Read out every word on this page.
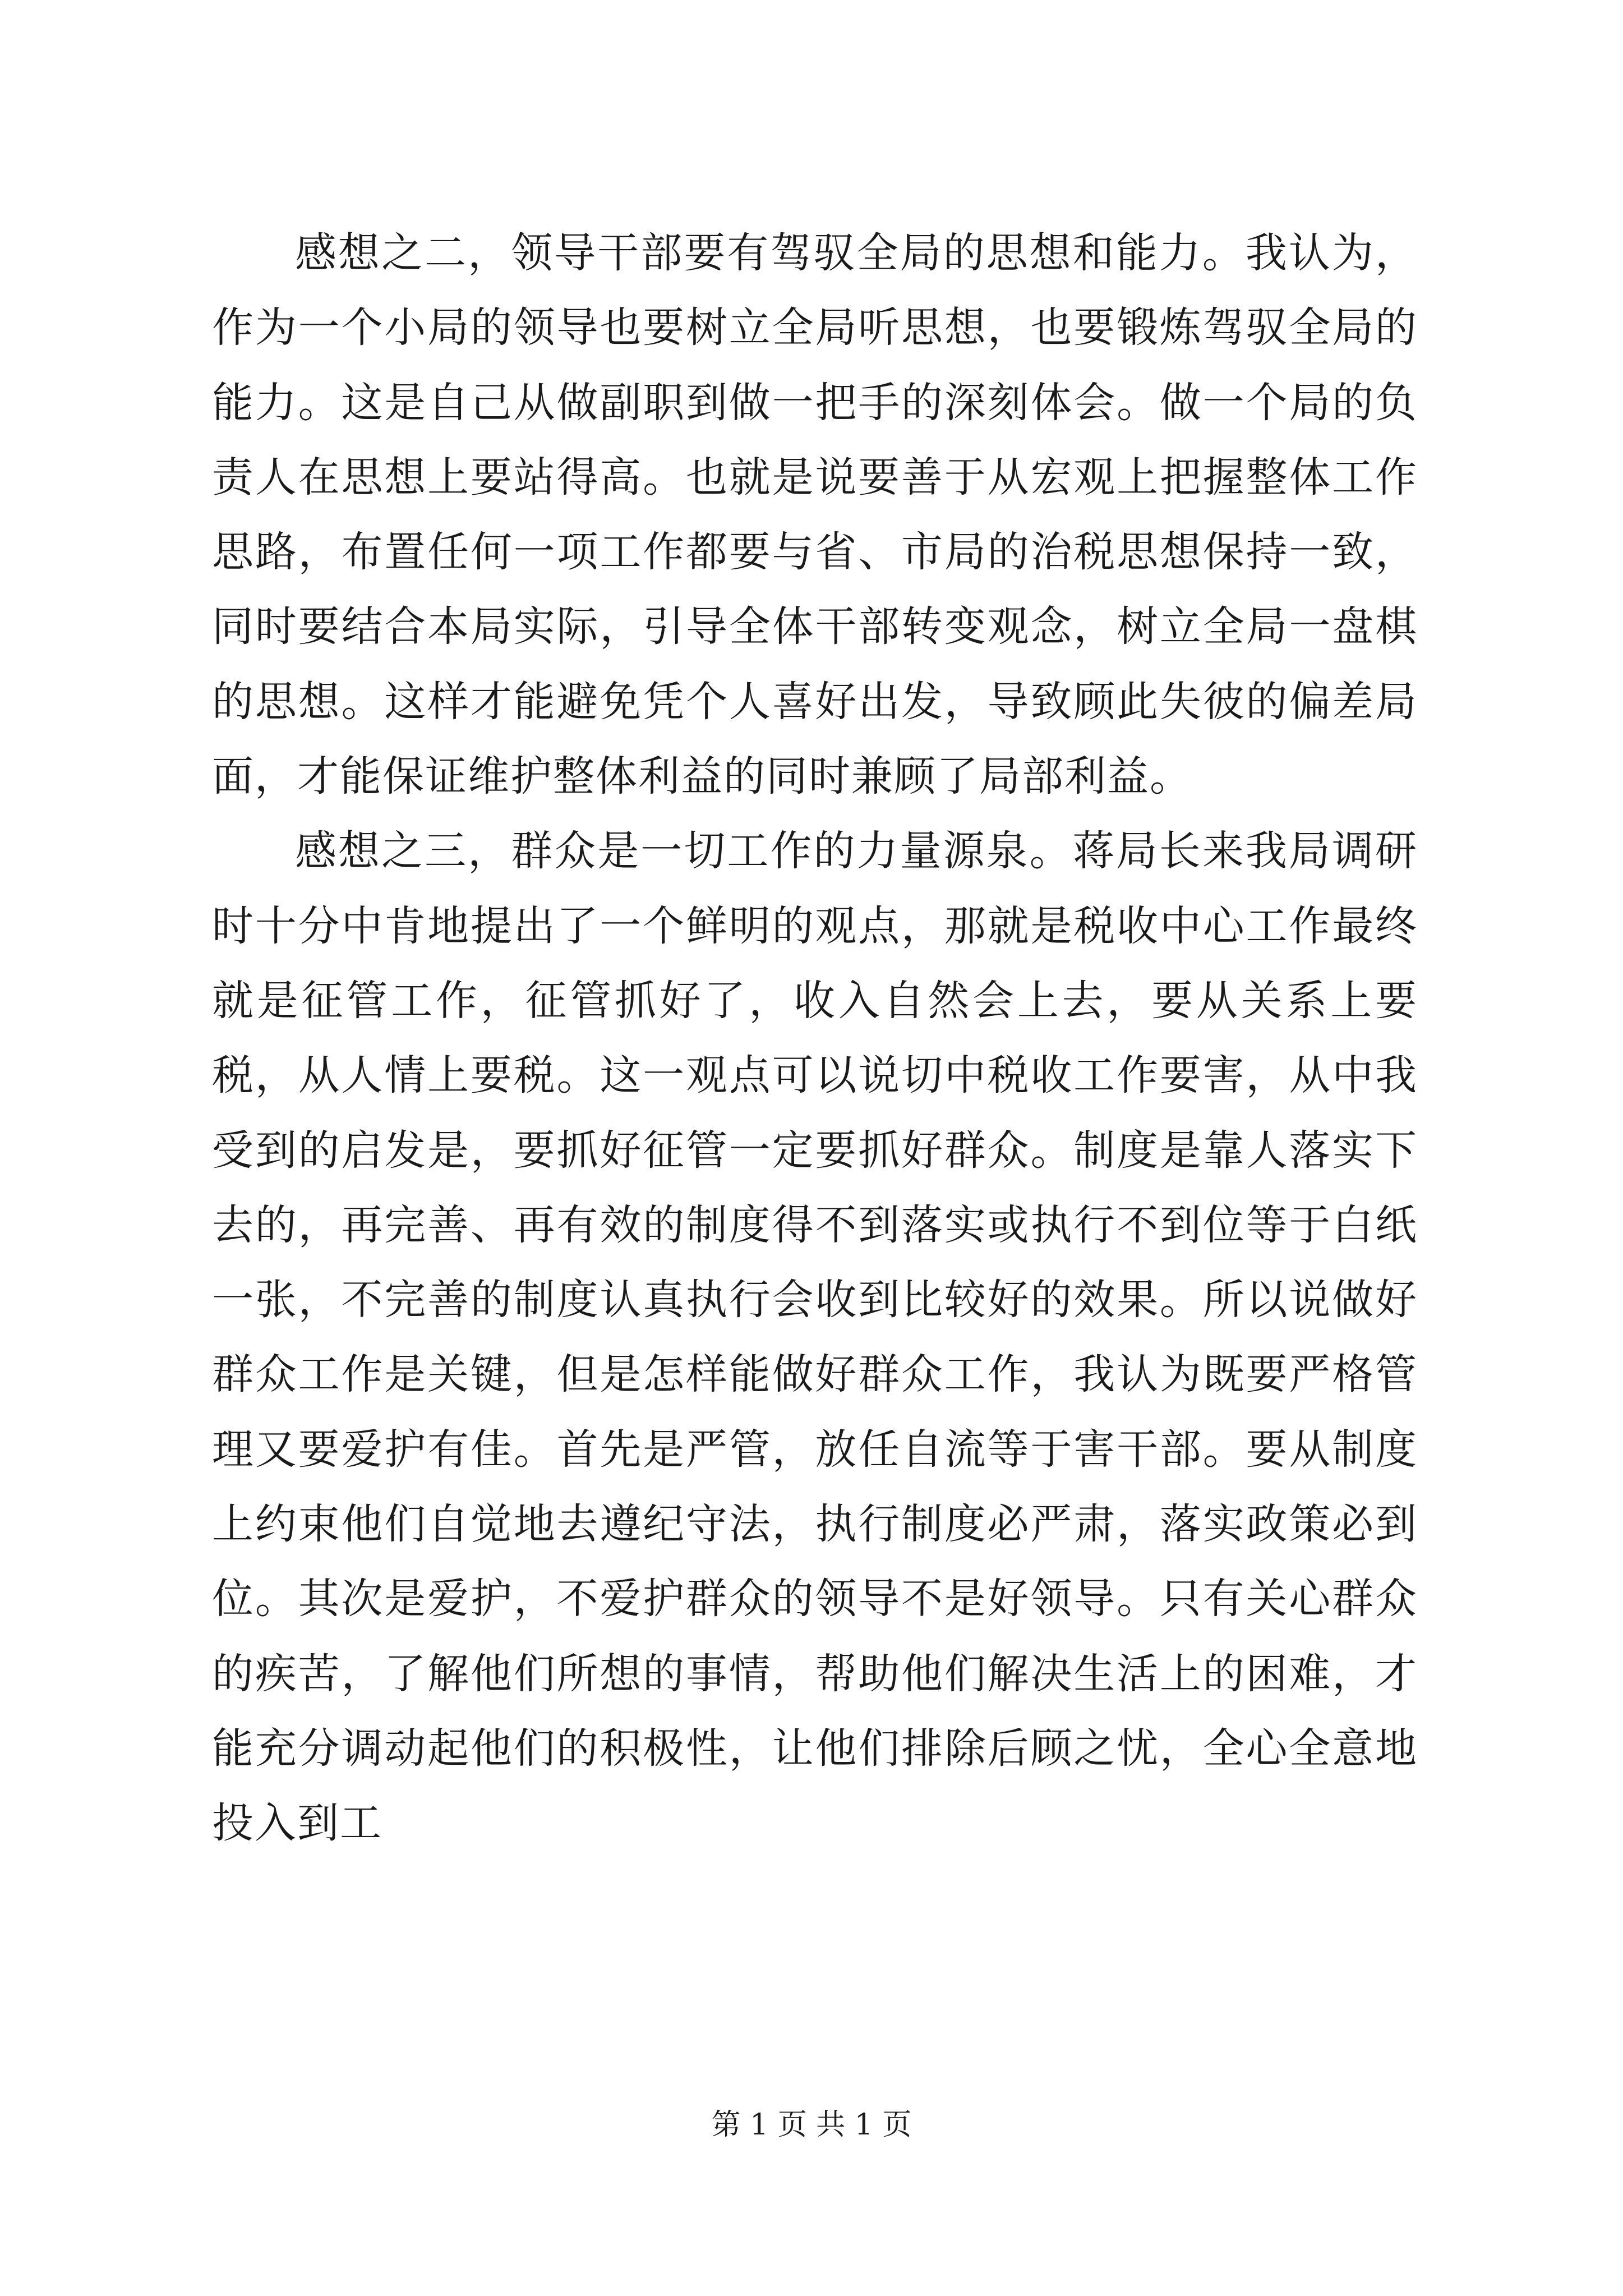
感想之二，领导干部要有驾驭全局的思想和能力。我认为，作为一个小局的领导也要树立全局听思想，也要锻炼驾驭全局的能力。这是自己从做副职到做一把手的深刻体会。做一个局的负责人在思想上要站得高。也就是说要善于从宏观上把握整体工作思路，布置任何一项工作都要与省、市局的治税思想保持一致，同时要结合本局实际，引导全体干部转变观念，树立全局一盘棋的思想。这样才能避免凭个人喜好出发，导致顾此失彼的偏差局面，才能保证维护整体利益的同时兼顾了局部利益。

感想之三，群众是一切工作的力量源泉。蒋局长来我局调研时十分中肯地提出了一个鲜明的观点，那就是税收中心工作最终就是征管工作，征管抓好了，收入自然会上去，要从关系上要税，从人情上要税。这一观点可以说切中税收工作要害，从中我受到的启发是，要抓好征管一定要抓好群众。制度是靠人落实下去的，再完善、再有效的制度得不到落实或执行不到位等于白纸一张，不完善的制度认真执行会收到比较好的效果。所以说做好群众工作是关键，但是怎样能做好群众工作，我认为既要严格管理又要爱护有佳。首先是严管，放任自流等于害干部。要从制度上约束他们自觉地去遵纪守法，执行制度必严肃，落实政策必到位。其次是爱护，不爱护群众的领导不是好领导。只有关心群众的疾苦，了解他们所想的事情，帮助他们解决生活上的困难，才能充分调动起他们的积极性，让他们排除后顾之忧，全心全意地投入到工

第 1 页 共 1 页
